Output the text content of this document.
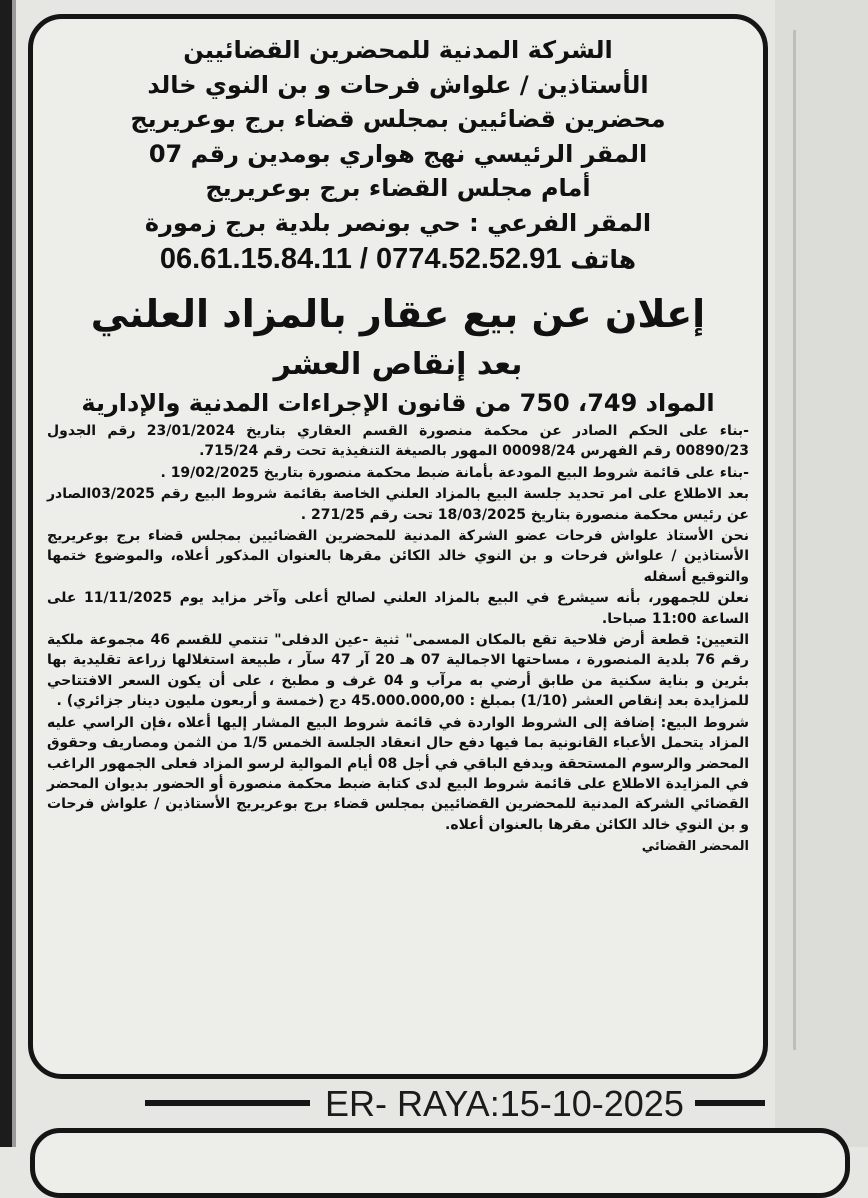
الشركة المدنية للمحضرين القضائيين
الأستاذين / علواش فرحات و بن النوي خالد
محضرين قضائيين بمجلس قضاء برج بوعريريج
المقر الرئيسي نهج هواري بومدين رقم 07
أمام مجلس القضاء برج بوعريريج
المقر الفرعي : حي بونصر بلدية برج زمورة
هاتف 06.61.15.84.11 / 0774.52.52.91
إعلان عن بيع عقار بالمزاد العلني
بعد إنقاص العشر
المواد 749، 750 من قانون الإجراءات المدنية والإدارية

-بناء على الحكم الصادر عن محكمة منصورة القسم العقاري بتاريخ 23/01/2024 رقم الجدول 00890/23 رقم الفهرس 00098/24 المهور بالصيغة التنفيذية تحت رقم 715/24.

-بناء على قائمة شروط البيع المودعة بأمانة ضبط محكمة منصورة بتاريخ 19/02/2025 .

بعد الاطلاع على امر تحديد جلسة البيع بالمزاد العلني الخاصة بقائمة شروط البيع رقم 03/2025الصادر عن رئيس محكمة منصورة بتاريخ 18/03/2025 تحت رقم 271/25 .

نحن الأستاذ علواش فرحات عضو الشركة المدنية للمحضرين القضائيين بمجلس قضاء برج بوعريريج الأستاذين / علواش فرحات و بن النوي خالد الكائن مقرها بالعنوان المذكور أعلاه، والموضوع ختمها والتوقيع أسفله

نعلن للجمهور، بأنه سيشرع في البيع بالمزاد العلني لصالح أعلى وآخر مزايد يوم 11/11/2025 على الساعة 11:00 صباحا.

التعيين: قطعة أرض فلاحية تقع بالمكان المسمى" ثنية -عين الدفلى" تنتمي للقسم 46 مجموعة ملكية رقم 76 بلدية المنصورة ، مساحتها الاجمالية 07 هـ 20 آر 47 سآر ، طبيعة استغلالها زراعة تقليدية بها بئرين و بناية سكنية من طابق أرضي به مرآب و 04 غرف و مطبخ ، على أن يكون السعر الافتتاحي للمزايدة بعد إنقاص العشر (1/10) بمبلغ : 45.000.000,00 دج (خمسة و أربعون مليون دينار جزائري) .

شروط البيع: إضافة إلى الشروط الواردة في قائمة شروط البيع المشار إليها أعلاه ،فإن الراسي عليه المزاد يتحمل الأعباء القانونية بما فيها دفع حال انعقاد الجلسة الخمس 1/5 من الثمن ومصاريف وحقوق المحضر والرسوم المستحقة ويدفع الباقي في أجل 08 أيام الموالية لرسو المزاد فعلى الجمهور الراغب في المزايدة الاطلاع على قائمة شروط البيع لدى كتابة ضبط محكمة منصورة أو الحضور بديوان المحضر القضائي الشركة المدنية للمحضرين القضائيين بمجلس قضاء برج بوعريريج الأستاذين / علواش فرحات و بن النوي خالد الكائن مقرها بالعنوان أعلاه.

المحضر القضائي
ER- RAYA:15-10-2025
